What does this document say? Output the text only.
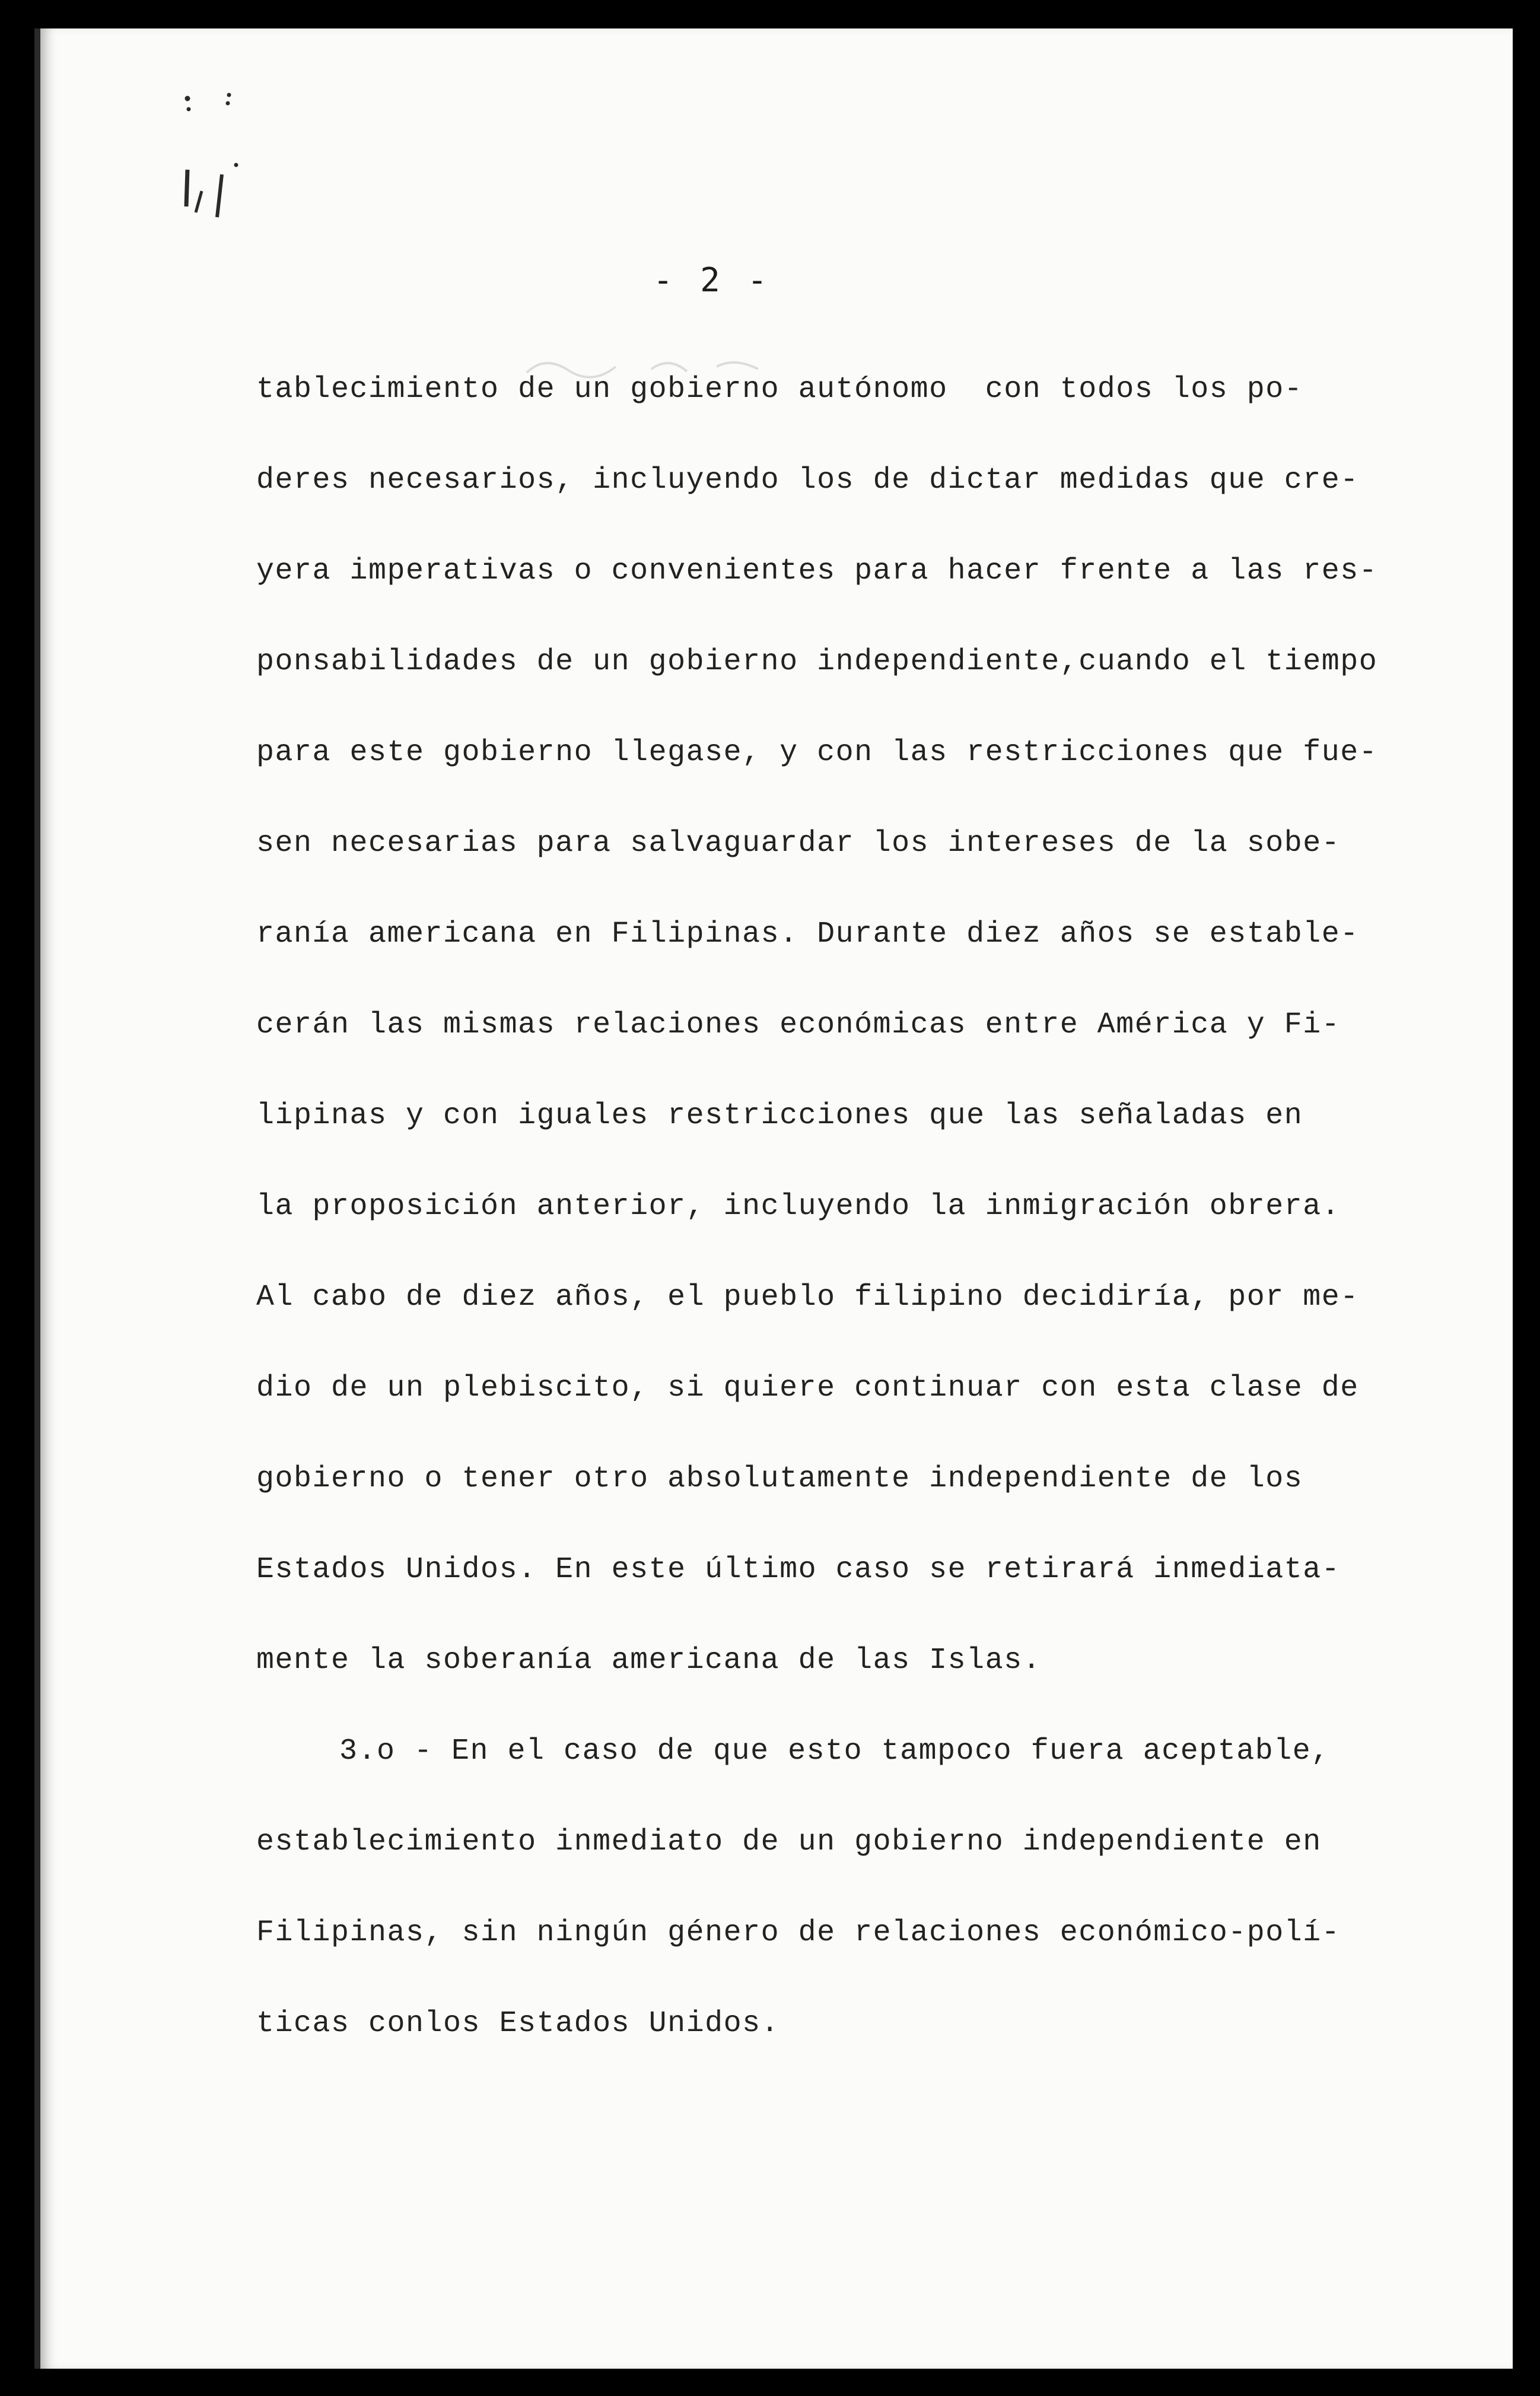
- 2 -
tablecimiento de un gobierno autónomo  con todos los po-
deres necesarios, incluyendo los de dictar medidas que cre-
yera imperativas o convenientes para hacer frente a las res-
ponsabilidades de un gobierno independiente,cuando el tiempo
para este gobierno llegase, y con las restricciones que fue-
sen necesarias para salvaguardar los intereses de la sobe-
ranía americana en Filipinas. Durante diez años se estable-
cerán las mismas relaciones económicas entre América y Fi-
lipinas y con iguales restricciones que las señaladas en
la proposición anterior, incluyendo la inmigración obrera.
Al cabo de diez años, el pueblo filipino decidiría, por me-
dio de un plebiscito, si quiere continuar con esta clase de
gobierno o tener otro absolutamente independiente de los
Estados Unidos. En este último caso se retirará inmediata-
mente la soberanía americana de las Islas.
3.o - En el caso de que esto tampoco fuera aceptable,
establecimiento inmediato de un gobierno independiente en
Filipinas, sin ningún género de relaciones económico-polí-
ticas conlos Estados Unidos.
